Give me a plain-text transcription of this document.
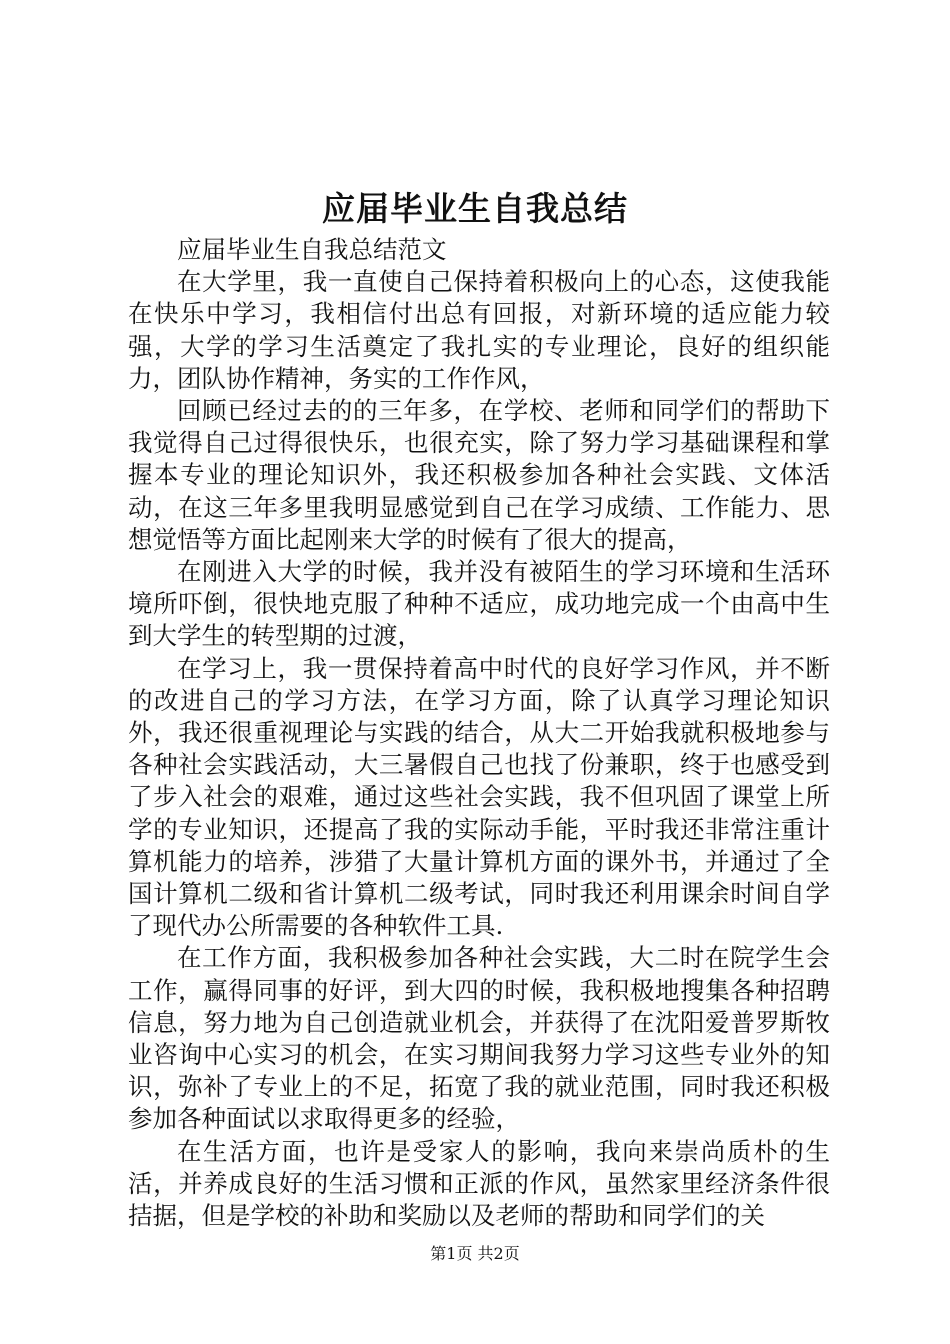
应届毕业生自我总结

应届毕业生自我总结范文

在大学里，我一直使自己保持着积极向上的心态，这使我能在快乐中学习，我相信付出总有回报，对新环境的适应能力较强，大学的学习生活奠定了我扎实的专业理论，良好的组织能力，团队协作精神，务实的工作作风，

回顾已经过去的的三年多，在学校、老师和同学们的帮助下我觉得自己过得很快乐，也很充实，除了努力学习基础课程和掌握本专业的理论知识外，我还积极参加各种社会实践、文体活动，在这三年多里我明显感觉到自己在学习成绩、工作能力、思想觉悟等方面比起刚来大学的时候有了很大的提高，

在刚进入大学的时候，我并没有被陌生的学习环境和生活环境所吓倒，很快地克服了种种不适应，成功地完成一个由高中生到大学生的转型期的过渡，

在学习上，我一贯保持着高中时代的良好学习作风，并不断的改进自己的学习方法，在学习方面，除了认真学习理论知识外，我还很重视理论与实践的结合，从大二开始我就积极地参与各种社会实践活动，大三暑假自己也找了份兼职，终于也感受到了步入社会的艰难，通过这些社会实践，我不但巩固了课堂上所学的专业知识，还提高了我的实际动手能，平时我还非常注重计算机能力的培养，涉猎了大量计算机方面的课外书，并通过了全国计算机二级和省计算机二级考试，同时我还利用课余时间自学了现代办公所需要的各种软件工具.

在工作方面，我积极参加各种社会实践，大二时在院学生会工作，赢得同事的好评，到大四的时候，我积极地搜集各种招聘信息，努力地为自己创造就业机会，并获得了在沈阳爱普罗斯牧业咨询中心实习的机会，在实习期间我努力学习这些专业外的知识，弥补了专业上的不足，拓宽了我的就业范围，同时我还积极参加各种面试以求取得更多的经验，

在生活方面，也许是受家人的影响，我向来崇尚质朴的生活，并养成良好的生活习惯和正派的作风，虽然家里经济条件很拮据，但是学校的补助和奖励以及老师的帮助和同学们的关

第1页 共2页
